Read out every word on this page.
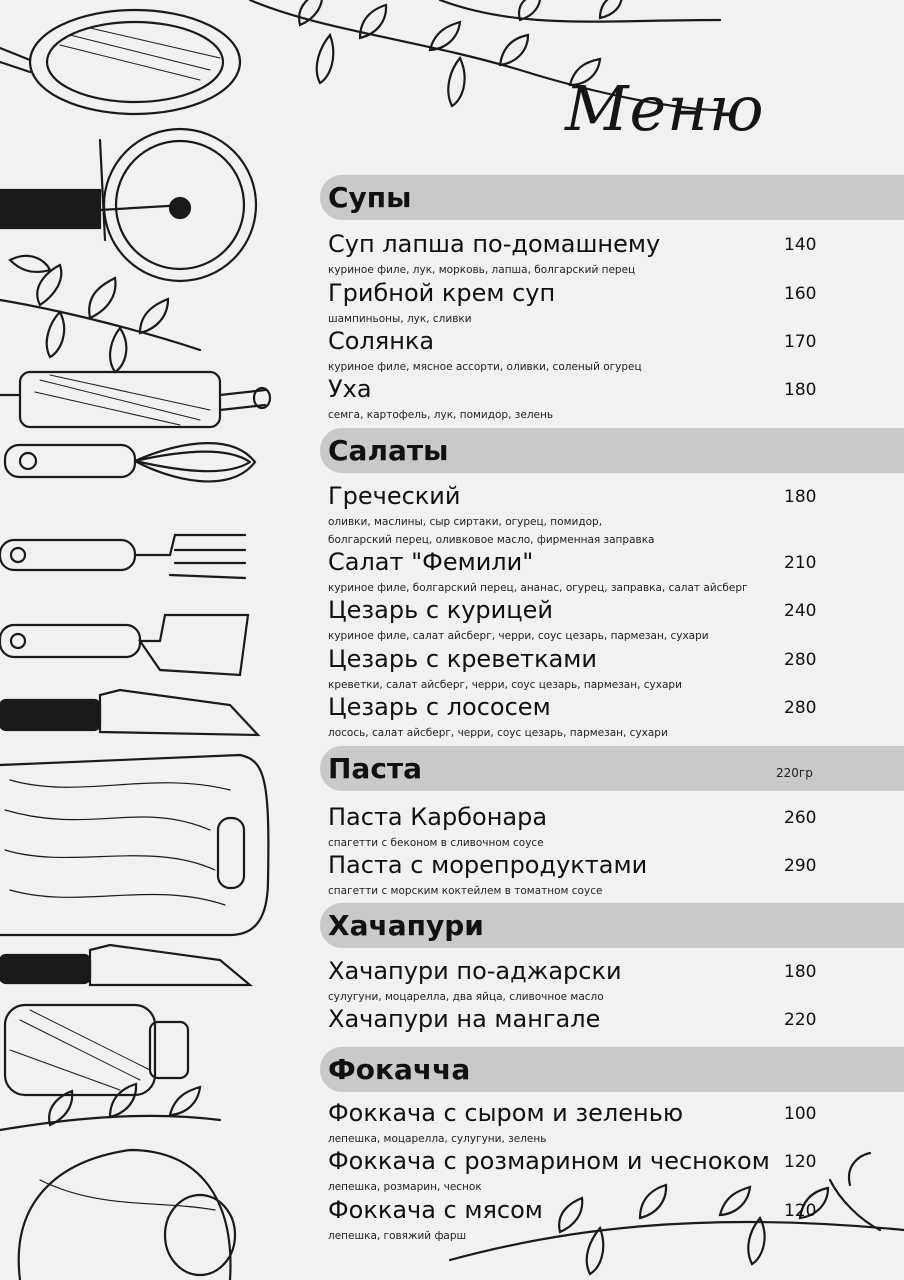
Меню
Супы
Суп лапша по-домашнему
куриное филе, лук, морковь, лапша, болгарский перец
140
Грибной крем суп
шампиньоны, лук, сливки
160
Солянка
куриное филе, мясное ассорти, оливки, соленый огурец
170
Уха
семга, картофель, лук, помидор, зелень
180
Салаты
Греческий
оливки, маслины, сыр сиртаки, огурец, помидор,
болгарский перец, оливковое масло, фирменная заправка
180
Салат "Фемили"
куриное филе, болгарский перец, ананас, огурец, заправка, салат айсберг
210
Цезарь с курицей
куриное филе, салат айсберг, черри, соус цезарь, пармезан, сухари
240
Цезарь с креветками
креветки, салат айсберг, черри, соус цезарь, пармезан, сухари
280
Цезарь с лососем
лосось, салат айсберг, черри, соус цезарь, пармезан, сухари
280
Паста	220гр
Паста Карбонара
спагетти с беконом в сливочном соусе
260
Паста с морепродуктами
спагетти с морским коктейлем в томатном соусе
290
Хачапури
Хачапури по-аджарски
сулугуни, моцарелла, два яйца, сливочное масло
180
Хачапури на мангале	220
Фокачча
Фоккача с сыром и зеленью
лепешка, моцарелла, сулугуни, зелень
100
Фоккача с розмарином и чесноком
лепешка, розмарин, чеснок
120
Фоккача с мясом
лепешка, говяжий фарш
120
